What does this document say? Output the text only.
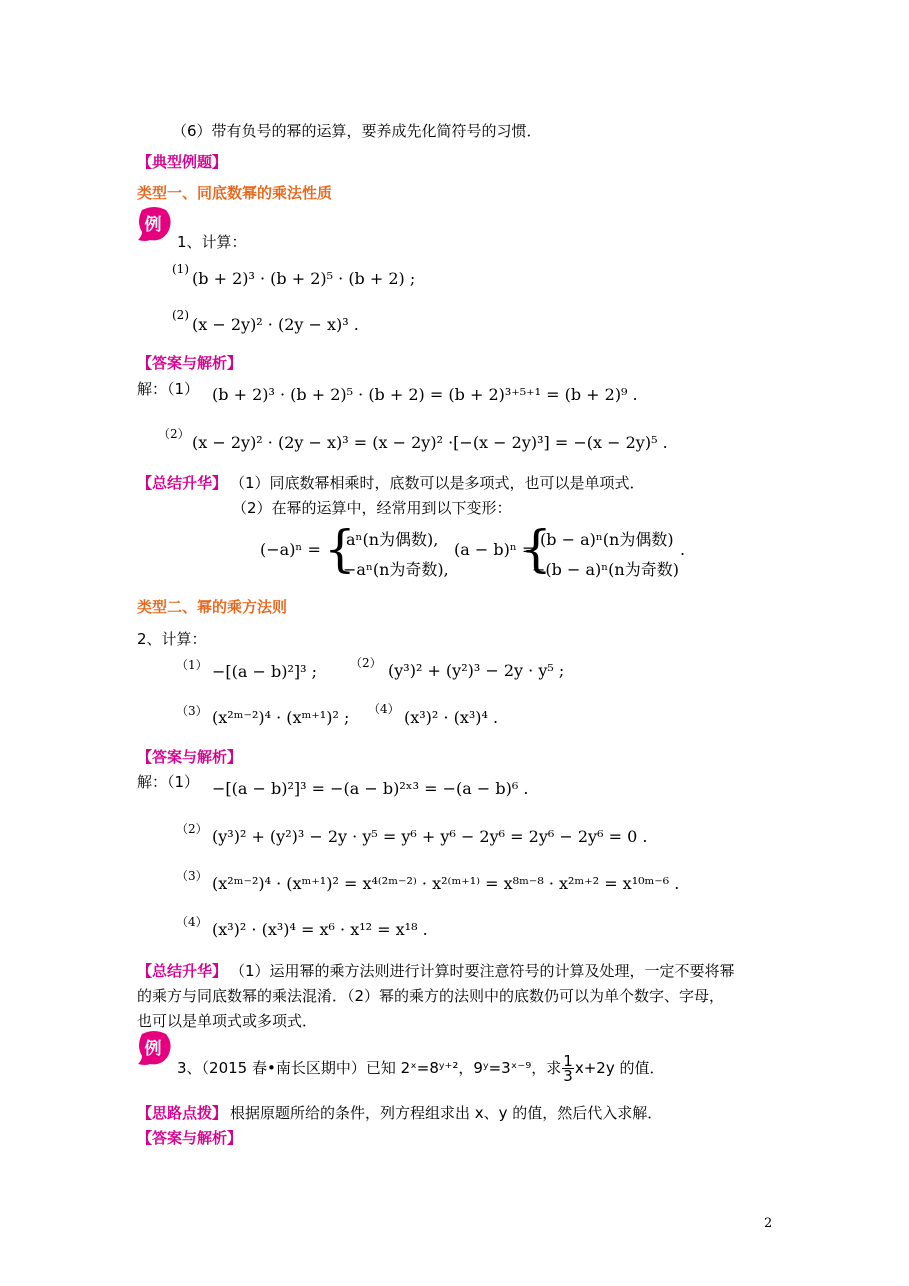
（6）带有负号的幂的运算，要养成先化简符号的习惯．
【典型例题】
类型一、同底数幂的乘法性质
例
1、计算：
(1) (b + 2)³ · (b + 2)⁵ · (b + 2) ;
(2) (x − 2y)² · (2y − x)³ .
【答案与解析】
解：（1） (b + 2)³ · (b + 2)⁵ · (b + 2) = (b + 2)³⁺⁵⁺¹ = (b + 2)⁹ .
（2） (x − 2y)² · (2y − x)³ = (x − 2y)² ·[−(x − 2y)³] = −(x − 2y)⁵ .
【总结升华】 （1）同底数幂相乘时，底数可以是多项式，也可以是单项式．
（2）在幂的运算中，经常用到以下变形：
(−a)ⁿ = {
aⁿ(n为偶数),
−aⁿ(n为奇数),
(a − b)ⁿ =
{
(b − a)ⁿ(n为偶数)
−(b − a)ⁿ(n为奇数)
.
类型二、幂的乘方法则
2、计算：
（1） −[(a − b)²]³ ;	（2） (y³)² + (y²)³ − 2y · y⁵ ;
（3） (x²ᵐ⁻²)⁴ · (xᵐ⁺¹)² ; （4） (x³)² · (x³)⁴ .
【答案与解析】
解：（1） −[(a − b)²]³ = −(a − b)²ˣ³ = −(a − b)⁶ .
（2） (y³)² + (y²)³ − 2y · y⁵ = y⁶ + y⁶ − 2y⁶ = 2y⁶ − 2y⁶ = 0 .
（3） (x²ᵐ⁻²)⁴ · (xᵐ⁺¹)² = x⁴⁽²ᵐ⁻²⁾ · x²⁽ᵐ⁺¹⁾ = x⁸ᵐ⁻⁸ · x²ᵐ⁺² = x¹⁰ᵐ⁻⁶ .
（4） (x³)² · (x³)⁴ = x⁶ · x¹² = x¹⁸ .
【总结升华】 （1）运用幂的乘方法则进行计算时要注意符号的计算及处理，一定不要将幂
的乘方与同底数幂的乘法混淆．（2）幂的乘方的法则中的底数仍可以为单个数字、字母，
也可以是单项式或多项式．
例
3、（2015 春•南长区期中）已知 2ˣ=8ʸ⁺²，9ʸ=3ˣ⁻⁹，求 $\frac{1}{3} x+2y$ 的值．
【思路点拨】 根据原题所给的条件，列方程组求出 x、y 的值，然后代入求解．
【答案与解析】
2
